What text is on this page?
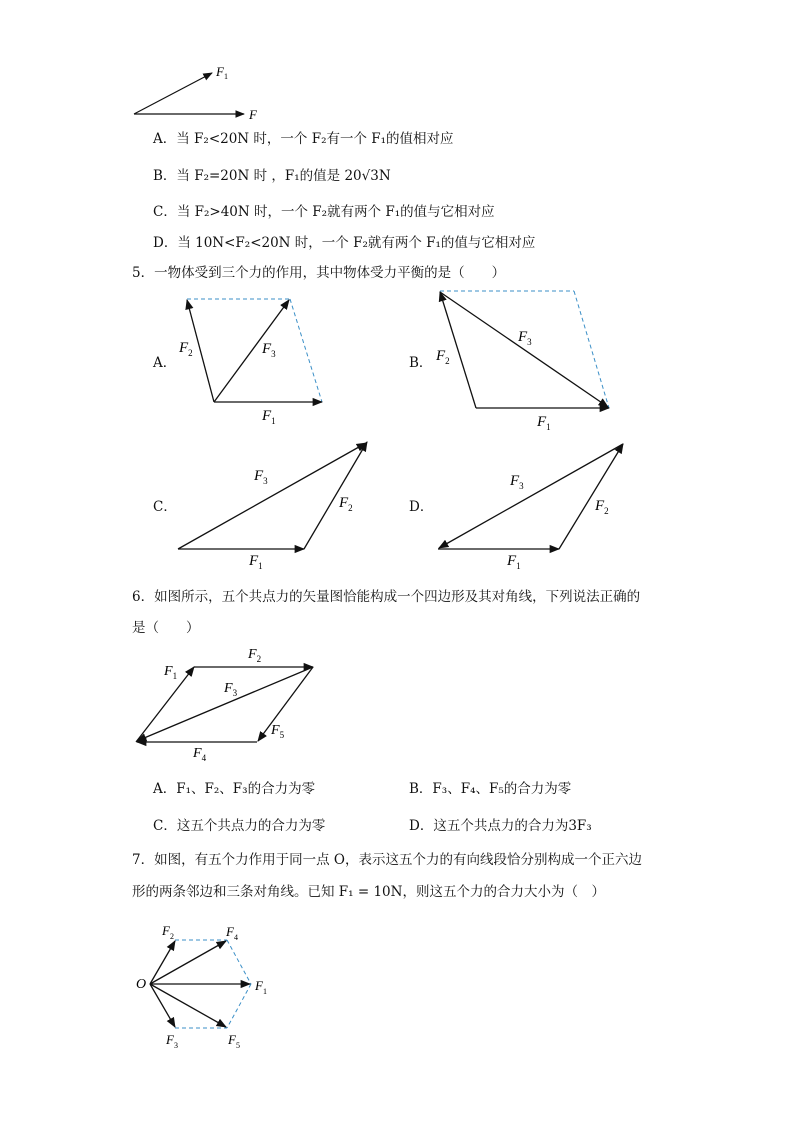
$F_1$
F
A．当 F₂<20N 时，一个 F₂有一个 F₁的值相对应
B．当 F₂=20N 时 ，F₁的值是 20√3N
C．当 F₂>40N 时，一个 F₂就有两个 F₁的值与它相对应
D．当 10N<F₂<20N 时，一个 F₂就有两个 F₁的值与它相对应
5．一物体受到三个力的作用，其中物体受力平衡的是（　　）
A．
$F_2$	$F_3$
$F_1$
B． $F_2$
$F_3$
$F_1$
C．
$F_3$
$F_2$
$F_1$
D．
$F_3$
$F_2$
$F_1$
6．如图所示，五个共点力的矢量图恰能构成一个四边形及其对角线，下列说法正确的
是（　　）
$F_1$
$F_2$
$F_3$
$F_4$
$F_5$
A．F₁、F₂、F₃的合力为零	B．F₃、F₄、F₅的合力为零
C．这五个共点力的合力为零	D．这五个共点力的合力为3F₃
7．如图，有五个力作用于同一点 O，表示这五个力的有向线段恰分别构成一个正六边
形的两条邻边和三条对角线。已知 F₁ = 10N，则这五个力的合力大小为（　）
O
$F_2$	$F_4$
$F_1$
$F_3$	$F_5$
